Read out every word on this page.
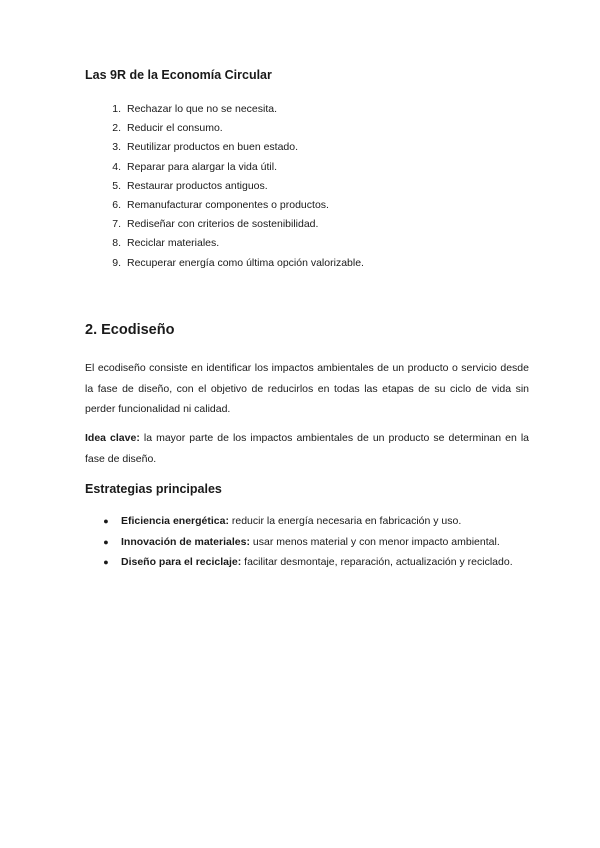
Las 9R de la Economía Circular
1. Rechazar lo que no se necesita.
2. Reducir el consumo.
3. Reutilizar productos en buen estado.
4. Reparar para alargar la vida útil.
5. Restaurar productos antiguos.
6. Remanufacturar componentes o productos.
7. Rediseñar con criterios de sostenibilidad.
8. Reciclar materiales.
9. Recuperar energía como última opción valorizable.
2. Ecodiseño

El ecodiseño consiste en identificar los impactos ambientales de un producto o servicio desde la fase de diseño, con el objetivo de reducirlos en todas las etapas de su ciclo de vida sin perder funcionalidad ni calidad.

Idea clave: la mayor parte de los impactos ambientales de un producto se determinan en la fase de diseño.

Estrategias principales
●	Eficiencia energética: reducir la energía necesaria en fabricación y uso.
●	Innovación de materiales: usar menos material y con menor impacto ambiental.
●	Diseño para el reciclaje: facilitar desmontaje, reparación, actualización y reciclado.
